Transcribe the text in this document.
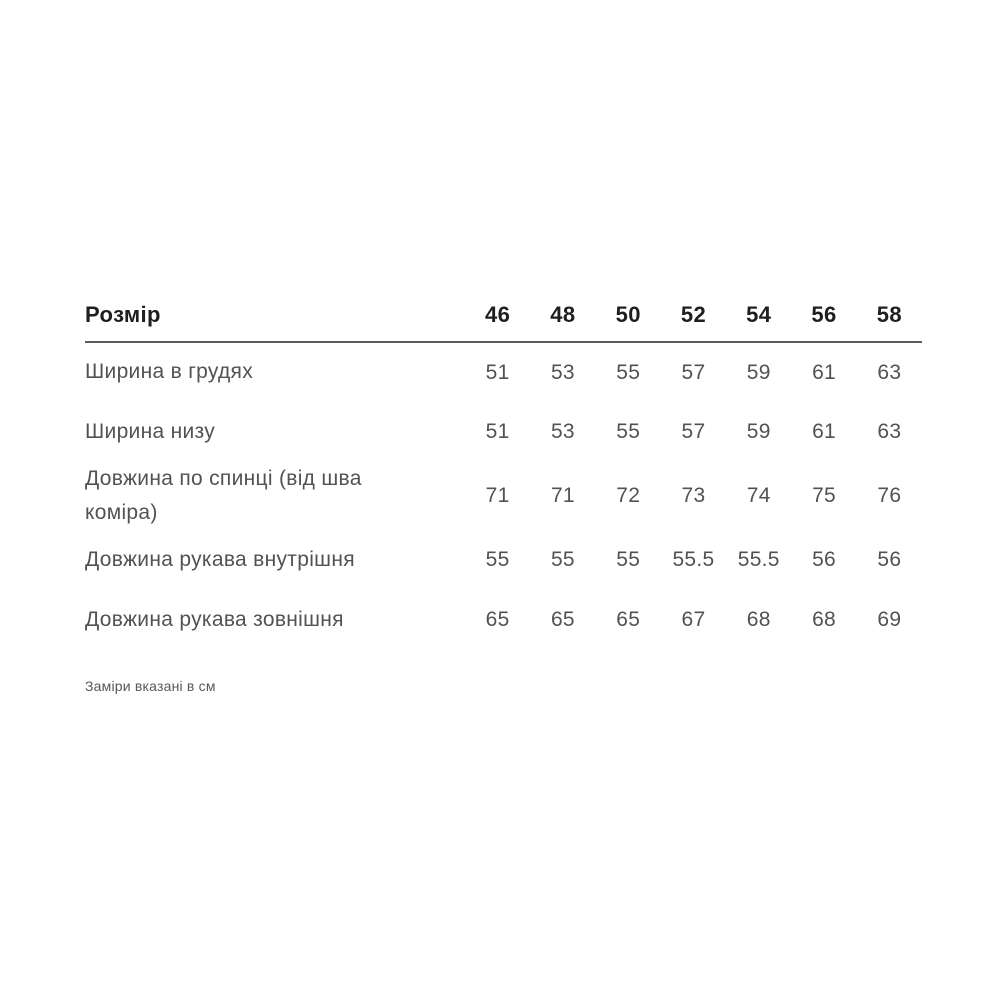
Розмір	46	48	50	52	54	56	58
Ширина в грудях	51	53	55	57	59	61	63
Ширина низу	51	53	55	57	59	61	63
Довжина по спинці (від шва коміра)	71	71	72	73	74	75	76
Довжина рукава внутрішня	55	55	55	55.5	55.5	56	56
Довжина рукава зовнішня	65	65	65	67	68	68	69
Заміри вказані в см
